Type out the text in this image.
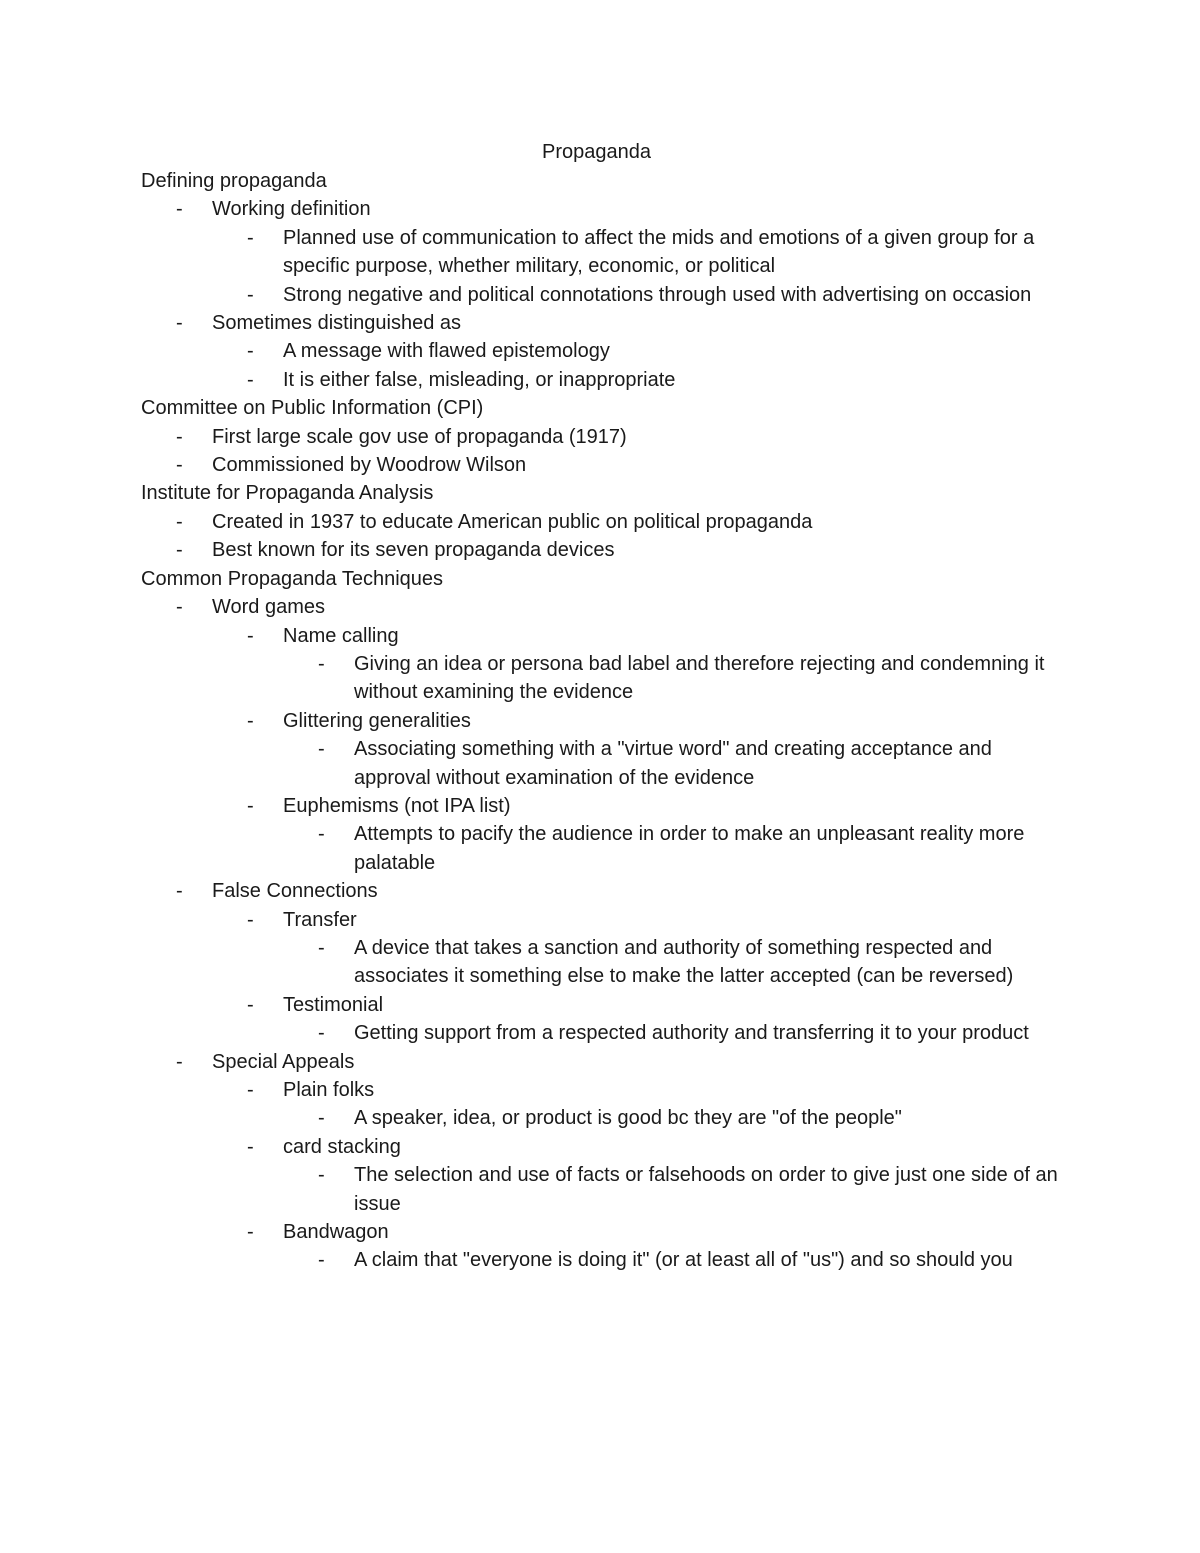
Propaganda
Defining propaganda
-	Working definition
-	Planned use of communication to affect the mids and emotions of a given group for a specific purpose, whether military, economic, or political
-	Strong negative and political connotations through used with advertising on occasion
-	Sometimes distinguished as
-	A message with flawed epistemology
-	It is either false, misleading, or inappropriate
Committee on Public Information (CPI)
-	First large scale gov use of propaganda (1917)
-	Commissioned by Woodrow Wilson
Institute for Propaganda Analysis
-	Created in 1937 to educate American public on political propaganda
-	Best known for its seven propaganda devices
Common Propaganda Techniques
-	Word games
-	Name calling
-	Giving an idea or persona bad label and therefore rejecting and condemning it without examining the evidence
-	Glittering generalities
-	Associating something with a "virtue word" and creating acceptance and approval without examination of the evidence
-	Euphemisms (not IPA list)
-	Attempts to pacify the audience in order to make an unpleasant reality more palatable
-	False Connections
-	Transfer
-	A device that takes a sanction and authority of something respected and associates it something else to make the latter accepted (can be reversed)
-	Testimonial
-	Getting support from a respected authority and transferring it to your product
-	Special Appeals
-	Plain folks
-	A speaker, idea, or product is good bc they are "of the people"
-	card stacking
-	The selection and use of facts or falsehoods on order to give just one side of an issue
-	Bandwagon
-	A claim that "everyone is doing it" (or at least all of "us") and so should you
